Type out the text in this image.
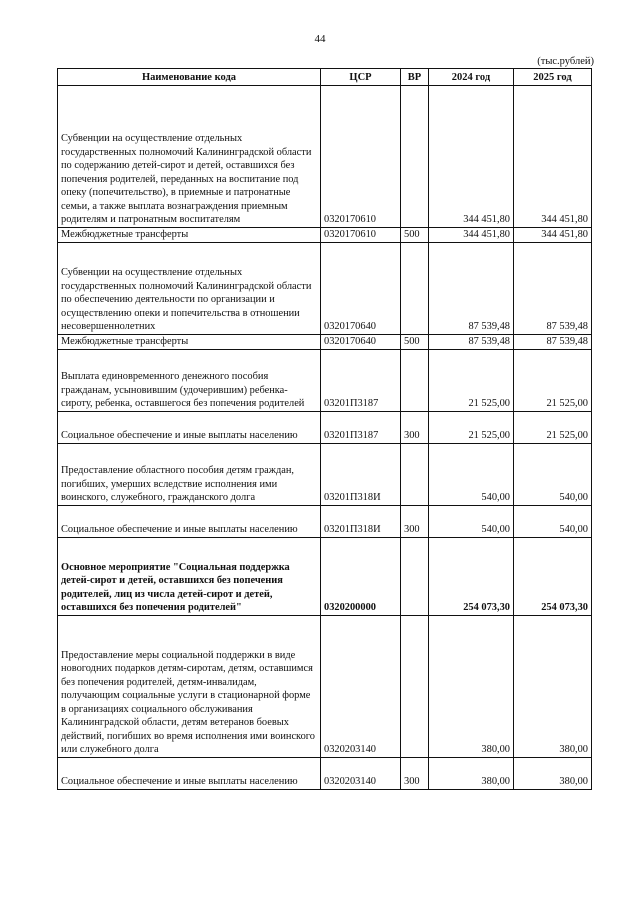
44
(тыс.рублей)
Наименование кода	ЦСР	ВР	2024 год	2025 год
Субвенции на осуществление отдельных государственных полномочий Калининградской области по содержанию детей-сирот и детей, оставшихся без попечения родителей, переданных на воспитание под опеку (попечительство), в приемные и патронатные семьи, а также выплата вознаграждения приемным родителям и патронатным воспитателям	0320170610		344 451,80	344 451,80
Межбюджетные трансферты	0320170610	500	344 451,80	344 451,80
Субвенции на осуществление отдельных государственных полномочий Калининградской области по обеспечению деятельности по организации и осуществлению опеки и попечительства в отношении несовершеннолетних	0320170640		87 539,48	87 539,48
Межбюджетные трансферты	0320170640	500	87 539,48	87 539,48
Выплата единовременного денежного пособия гражданам, усыновившим (удочерившим) ребенка-сироту, ребенка, оставшегося без попечения родителей	03201П3187		21 525,00	21 525,00
Социальное обеспечение и иные выплаты населению	03201П3187	300	21 525,00	21 525,00
Предоставление областного пособия детям граждан, погибших, умерших вследствие исполнения ими воинского, служебного, гражданского долга	03201П318И		540,00	540,00
Социальное обеспечение и иные выплаты населению	03201П318И	300	540,00	540,00
Основное мероприятие "Социальная поддержка детей-сирот и детей, оставшихся без попечения родителей, лиц из числа детей-сирот и детей, оставшихся без попечения родителей"	0320200000		254 073,30	254 073,30
Предоставление меры социальной поддержки в виде новогодних подарков детям-сиротам, детям, оставшимся без попечения родителей, детям-инвалидам, получающим социальные услуги в стационарной форме в организациях социального обслуживания Калининградской области, детям ветеранов боевых действий, погибших во время исполнения ими воинского или служебного долга	0320203140		380,00	380,00
Социальное обеспечение и иные выплаты населению	0320203140	300	380,00	380,00
